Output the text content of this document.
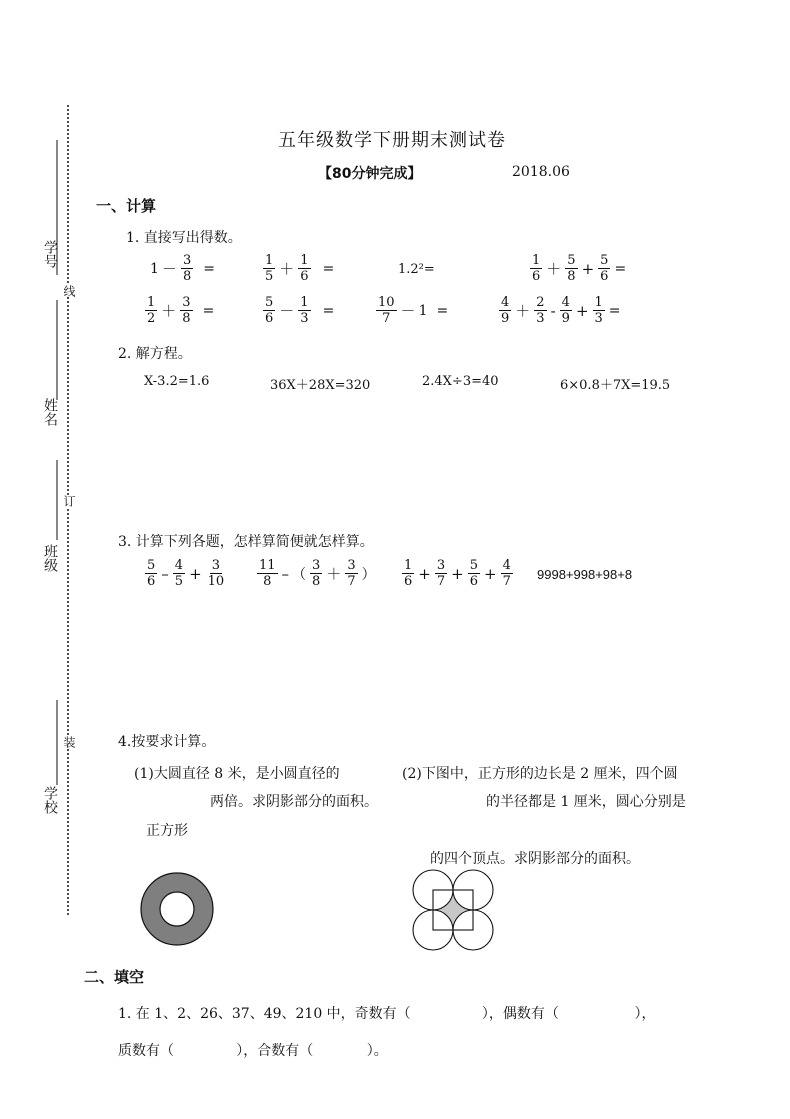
学号
姓名
班级
学校
线
订
装
五年级数学下册期末测试卷
【80分钟完成】	2018.06
一、计算
1. 直接写出得数。
$1 - \frac{3}{8}$ =	$\frac{1}{5} + \frac{1}{6}$ =	1.2²=	$\frac{1}{6} + \frac{5}{8} + \frac{5}{6}$ =
$\frac{1}{2} + \frac{3}{8}$ =	$\frac{5}{6} - \frac{1}{3}$ =	$\frac{10}{7} - 1$ =	$\frac{4}{9} + \frac{2}{3} - \frac{4}{9} + \frac{1}{3}$ =
2. 解方程。
X-3.2=1.6	36X＋28X=320	2.4X÷3=40	6×0.8＋7X=19.5
3. 计算下列各题，怎样算简便就怎样算。
$\frac{5}{6} - \frac{4}{5} + \frac{3}{10} \frac{11}{8}$ – （ $\frac{3}{8} + \frac{3}{7}$ ） $\frac{1}{6} + \frac{3}{7} + \frac{5}{6} + \frac{4}{7} 9998+998+98+8$
4.按要求计算。
(1)大圆直径 8 米，是小圆直径的
两倍。求阴影部分的面积。
正方形
(2)下图中，正方形的边长是 2 厘米，四个圆
的半径都是 1 厘米，圆心分别是
的四个顶点。求阴影部分的面积。
二、填空
1. 在 1、2、26、37、49、210 中，奇数有（                ），偶数有（                 ），
质数有（              ），合数有（            ）。
